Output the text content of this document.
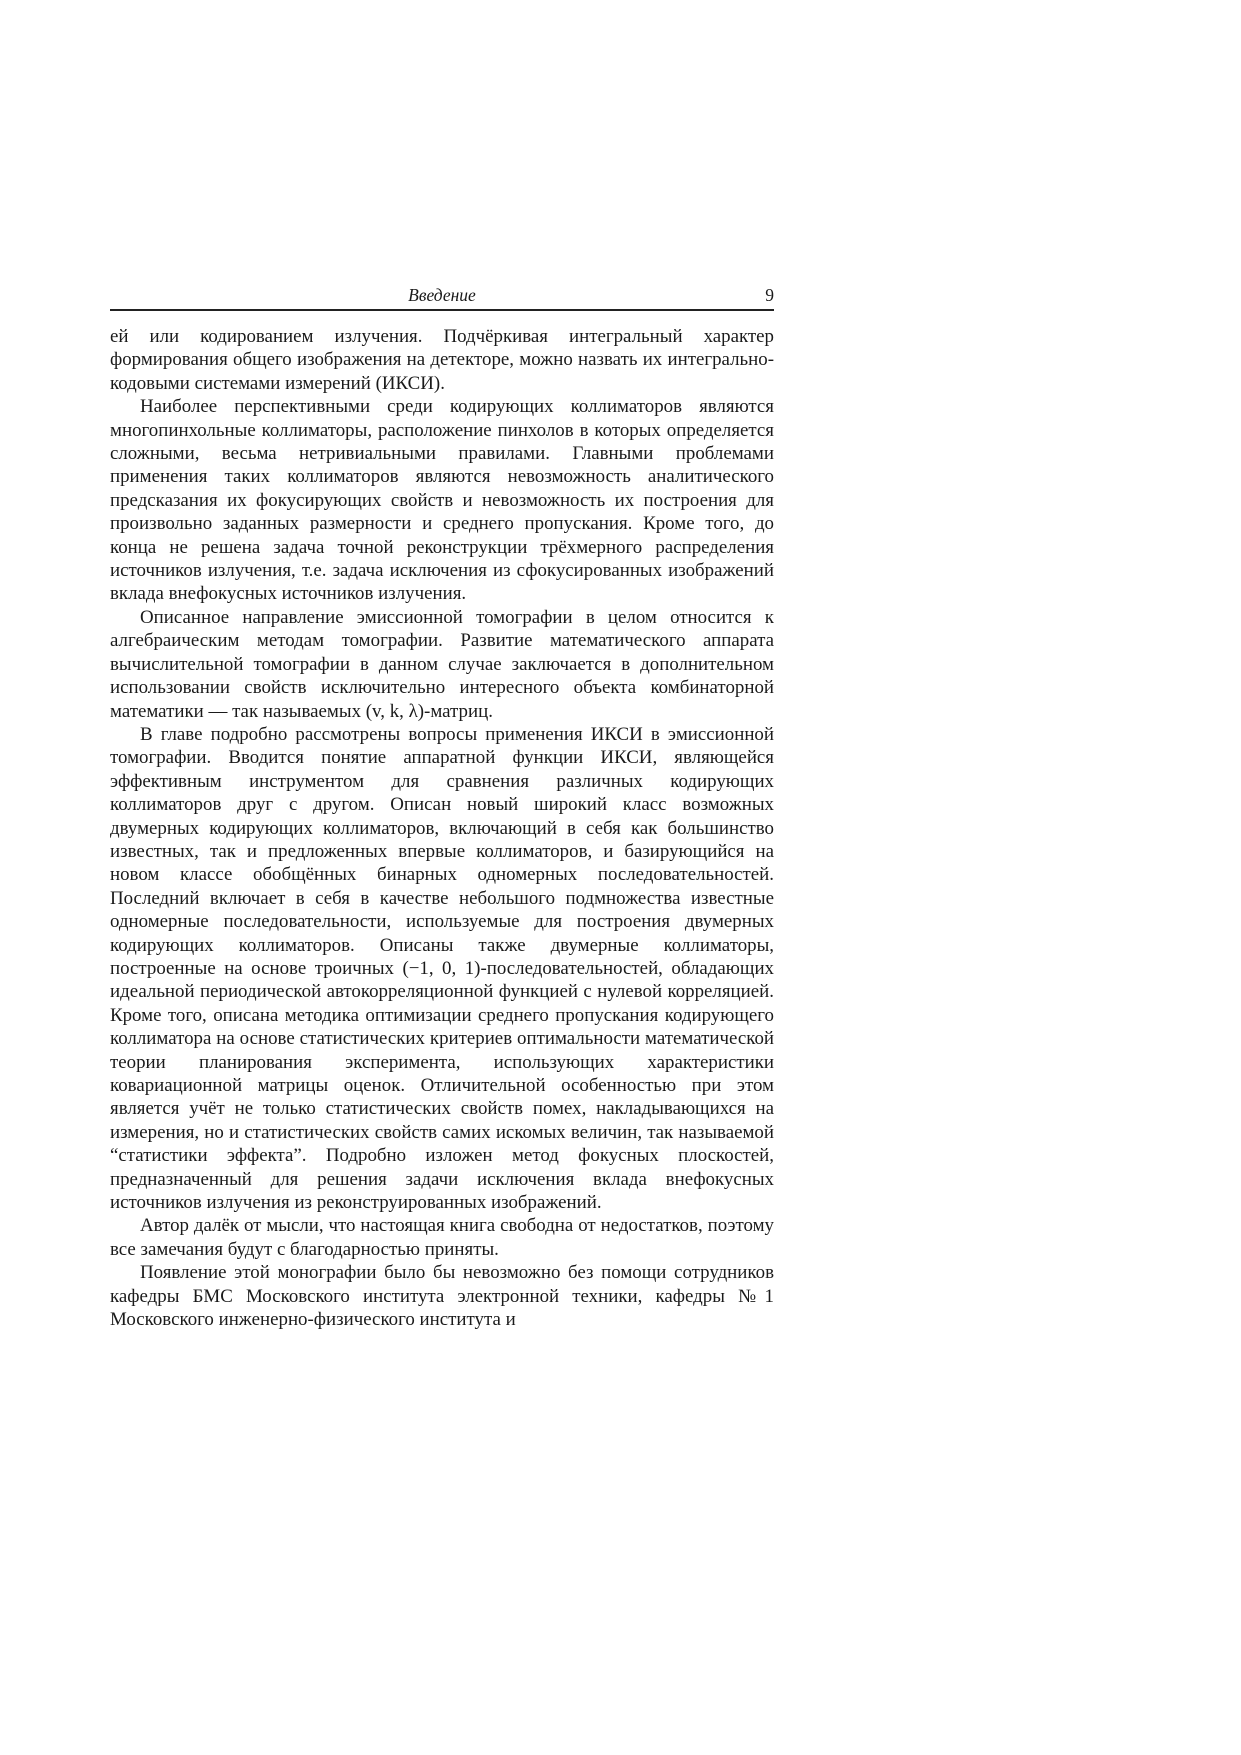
Введение	9

ей или кодированием излучения. Подчёркивая интегральный характер формирования общего изображения на детекторе, можно назвать их интегрально-кодовыми системами измерений (ИКСИ).

Наиболее перспективными среди кодирующих коллиматоров являются многопинхольные коллиматоры, расположение пинхолов в которых определяется сложными, весьма нетривиальными правилами. Главными проблемами применения таких коллиматоров являются невозможность аналитического предсказания их фокусирующих свойств и невозможность их построения для произвольно заданных размерности и среднего пропускания. Кроме того, до конца не решена задача точной реконструкции трёхмерного распределения источников излучения, т.е. задача исключения из сфокусированных изображений вклада внефокусных источников излучения.

Описанное направление эмиссионной томографии в целом относится к алгебраическим методам томографии. Развитие математического аппарата вычислительной томографии в данном случае заключается в дополнительном использовании свойств исключительно интересного объекта комбинаторной математики — так называемых (v, k, λ)-матриц.

В главе подробно рассмотрены вопросы применения ИКСИ в эмиссионной томографии. Вводится понятие аппаратной функции ИКСИ, являющейся эффективным инструментом для сравнения различных кодирующих коллиматоров друг с другом. Описан новый широкий класс возможных двумерных кодирующих коллиматоров, включающий в себя как большинство известных, так и предложенных впервые коллиматоров, и базирующийся на новом классе обобщённых бинарных одномерных последовательностей. Последний включает в себя в качестве небольшого подмножества известные одномерные последовательности, используемые для построения двумерных кодирующих коллиматоров. Описаны также двумерные коллиматоры, построенные на основе троичных (−1, 0, 1)-последовательностей, обладающих идеальной периодической автокорреляционной функцией с нулевой корреляцией. Кроме того, описана методика оптимизации среднего пропускания кодирующего коллиматора на основе статистических критериев оптимальности математической теории планирования эксперимента, использующих характеристики ковариационной матрицы оценок. Отличительной особенностью при этом является учёт не только статистических свойств помех, накладывающихся на измерения, но и статистических свойств самих искомых величин, так называемой “статистики эффекта”. Подробно изложен метод фокусных плоскостей, предназначенный для решения задачи исключения вклада внефокусных источников излучения из реконструированных изображений.

Автор далёк от мысли, что настоящая книга свободна от недостатков, поэтому все замечания будут с благодарностью приняты.

Появление этой монографии было бы невозможно без помощи сотрудников кафедры БМС Московского института электронной техники, кафедры №1 Московского инженерно-физического института и
